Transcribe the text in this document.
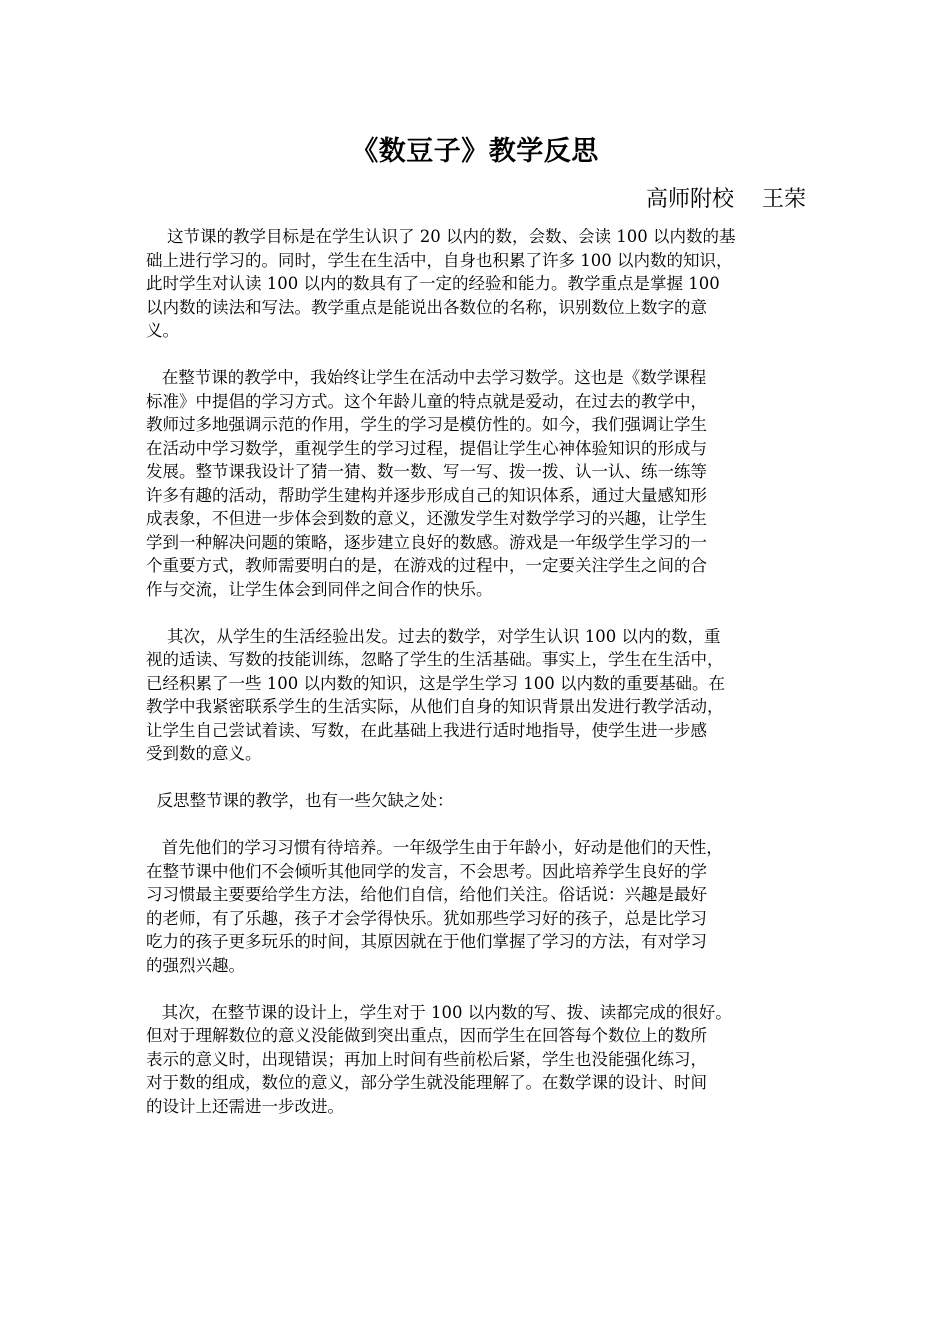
《数豆子》教学反思
高师附校    王荣
这节课的教学目标是在学生认识了 20 以内的数，会数、会读 100 以内数的基
础上进行学习的。同时，学生在生活中，自身也积累了许多 100 以内数的知识，
此时学生对认读 100 以内的数具有了一定的经验和能力。教学重点是掌握 100
以内数的读法和写法。教学重点是能说出各数位的名称，识别数位上数字的意
义。
在整节课的教学中，我始终让学生在活动中去学习数学。这也是《数学课程
标准》中提倡的学习方式。这个年龄儿童的特点就是爱动，在过去的教学中，
教师过多地强调示范的作用，学生的学习是模仿性的。如今，我们强调让学生
在活动中学习数学，重视学生的学习过程，提倡让学生心神体验知识的形成与
发展。整节课我设计了猜一猜、数一数、写一写、拨一拨、认一认、练一练等
许多有趣的活动，帮助学生建构并逐步形成自己的知识体系，通过大量感知形
成表象，不但进一步体会到数的意义，还激发学生对数学学习的兴趣，让学生
学到一种解决问题的策略，逐步建立良好的数感。游戏是一年级学生学习的一
个重要方式，教师需要明白的是，在游戏的过程中，一定要关注学生之间的合
作与交流，让学生体会到同伴之间合作的快乐。
其次，从学生的生活经验出发。过去的数学，对学生认识 100 以内的数，重
视的适读、写数的技能训练，忽略了学生的生活基础。事实上，学生在生活中，
已经积累了一些 100 以内数的知识，这是学生学习 100 以内数的重要基础。在
教学中我紧密联系学生的生活实际，从他们自身的知识背景出发进行教学活动，
让学生自己尝试着读、写数，在此基础上我进行适时地指导，使学生进一步感
受到数的意义。
反思整节课的教学，也有一些欠缺之处：
首先他们的学习习惯有待培养。一年级学生由于年龄小，好动是他们的天性，
在整节课中他们不会倾听其他同学的发言，不会思考。因此培养学生良好的学
习习惯最主要要给学生方法，给他们自信，给他们关注。俗话说：兴趣是最好
的老师，有了乐趣，孩子才会学得快乐。犹如那些学习好的孩子，总是比学习
吃力的孩子更多玩乐的时间，其原因就在于他们掌握了学习的方法，有对学习
的强烈兴趣。
其次，在整节课的设计上，学生对于 100 以内数的写、拨、读都完成的很好。
但对于理解数位的意义没能做到突出重点，因而学生在回答每个数位上的数所
表示的意义时，出现错误；再加上时间有些前松后紧，学生也没能强化练习，
对于数的组成，数位的意义，部分学生就没能理解了。在数学课的设计、时间
的设计上还需进一步改进。
